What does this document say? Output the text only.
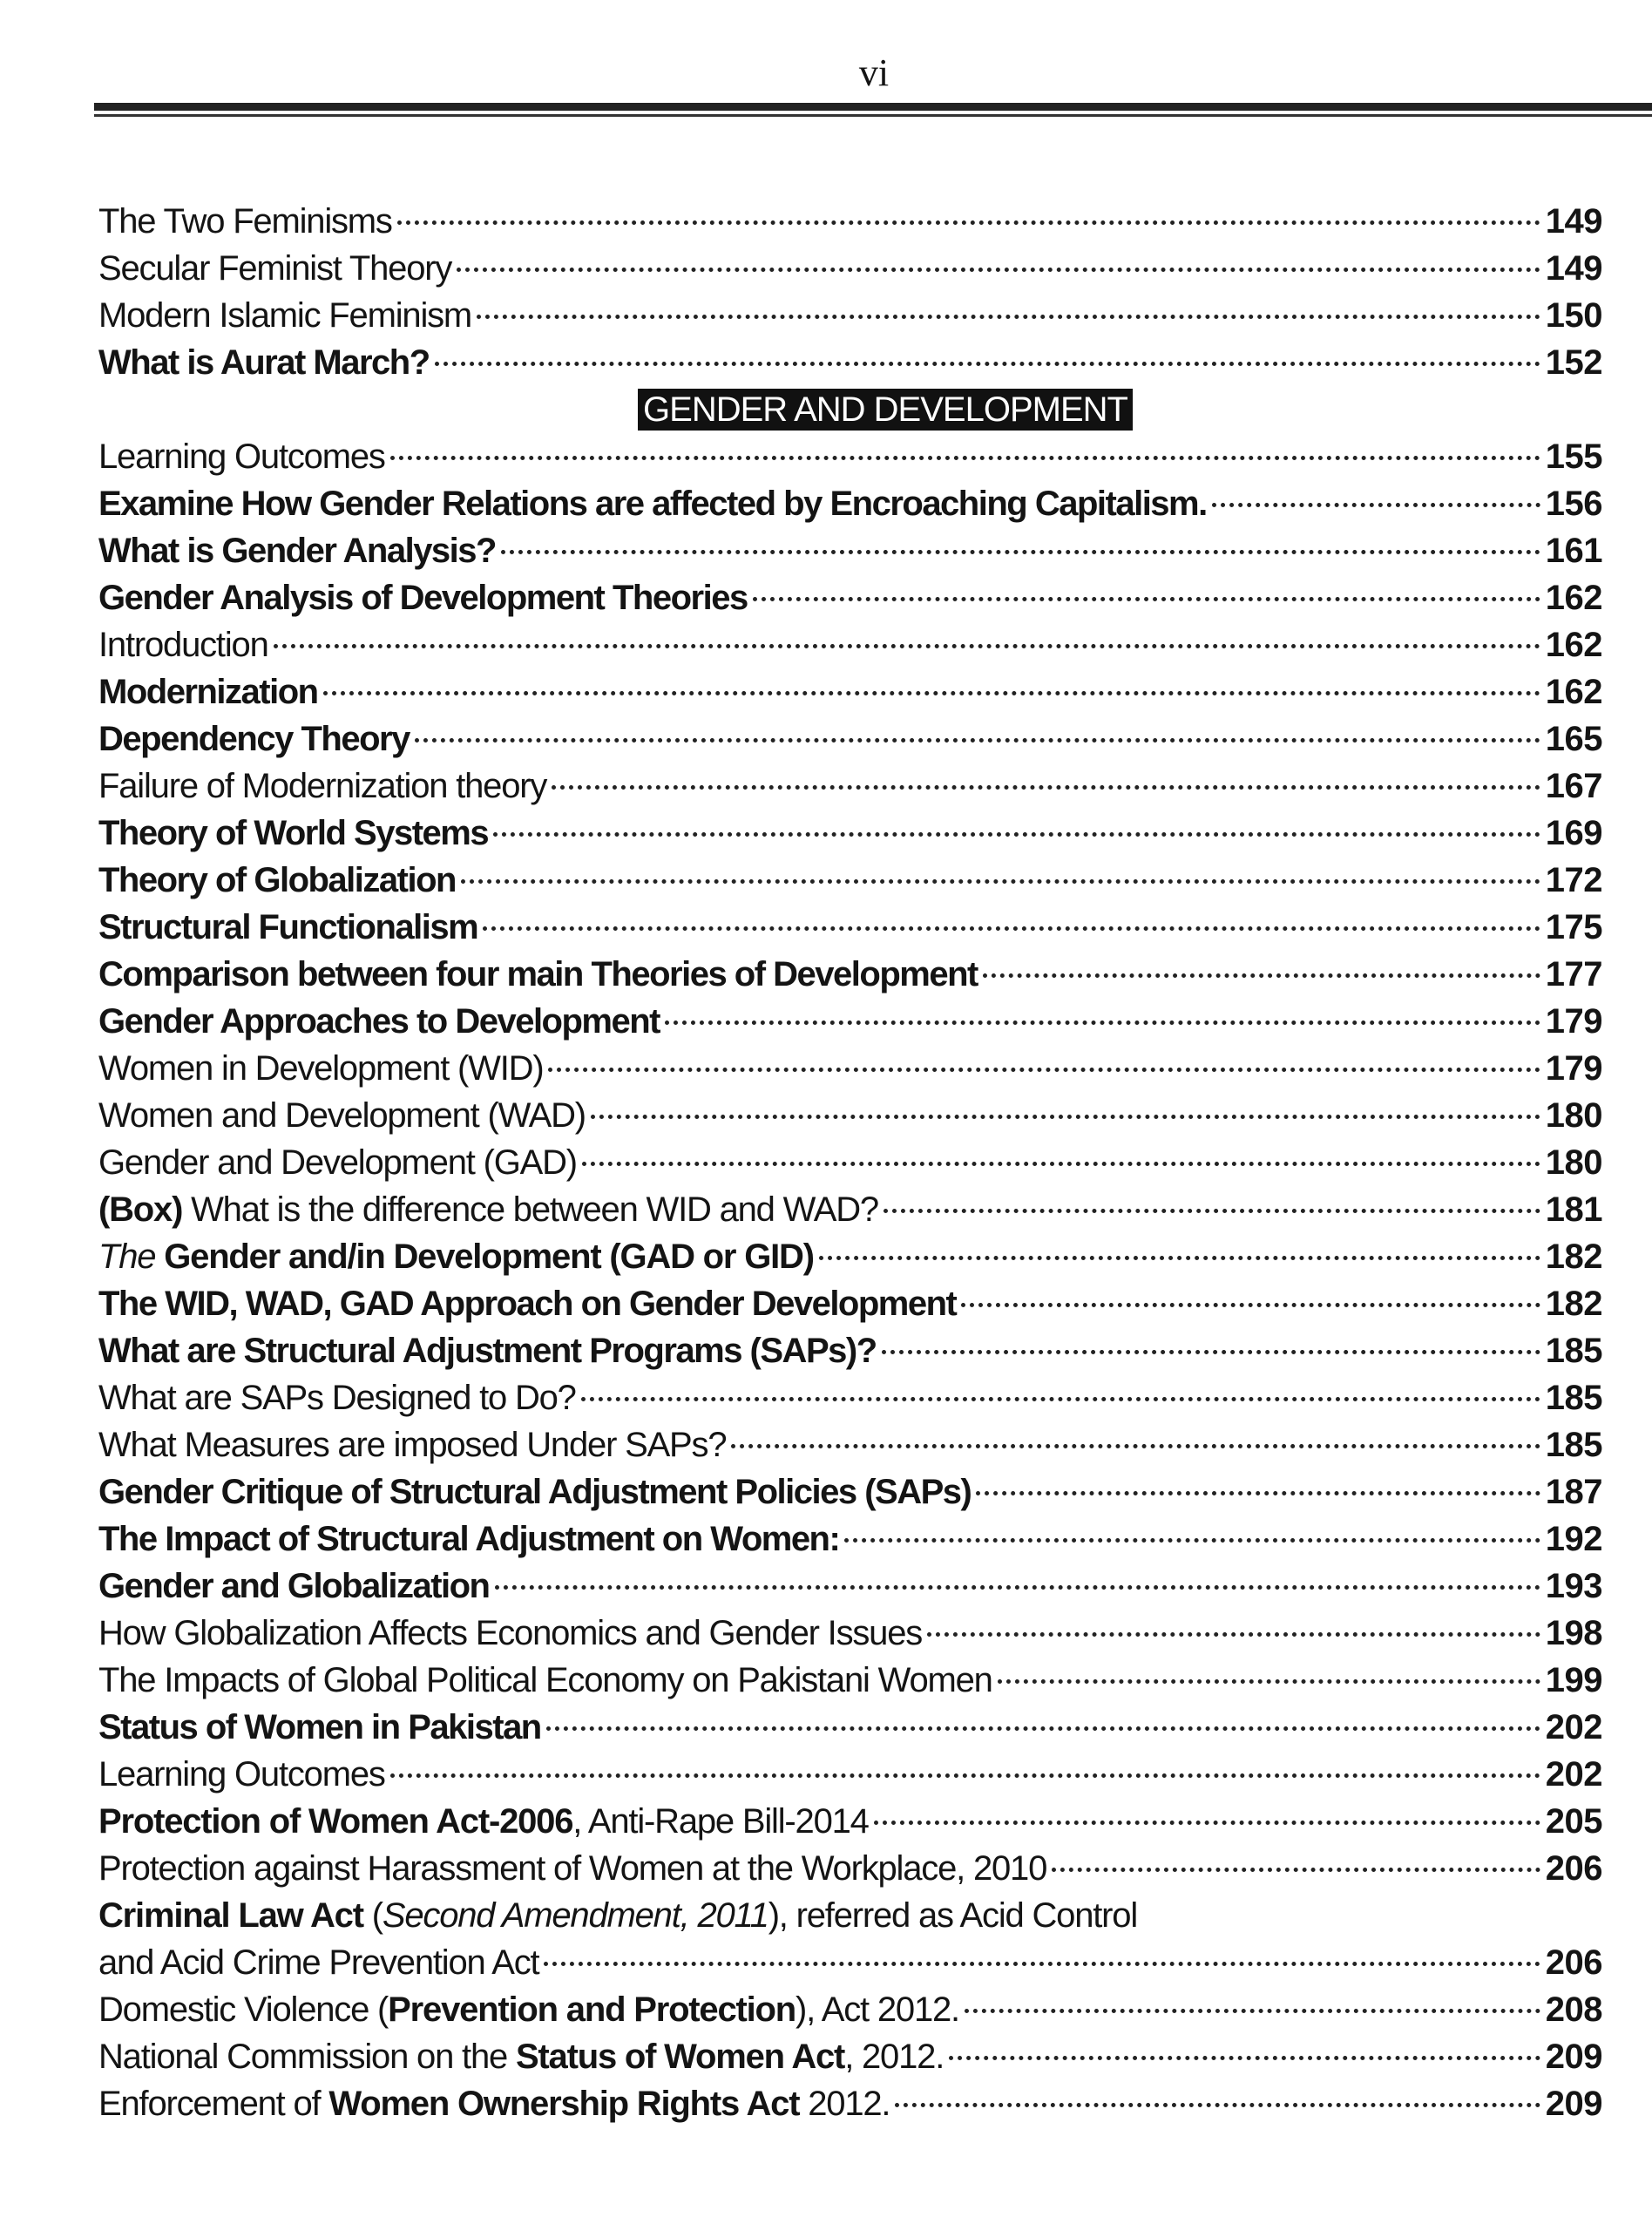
vi
The Two Feminisms	149
Secular Feminist Theory	149
Modern Islamic Feminism	150
What is Aurat March?	152
GENDER AND DEVELOPMENT
Learning Outcomes	155
Examine How Gender Relations are affected by Encroaching Capitalism.	156
What is Gender Analysis?	161
Gender Analysis of Development Theories	162
Introduction	162
Modernization	162
Dependency Theory	165
Failure of Modernization theory	167
Theory of World Systems	169
Theory of Globalization	172
Structural Functionalism	175
Comparison between four main Theories of Development	177
Gender Approaches to Development	179
Women in Development (WID)	179
Women and Development (WAD)	180
Gender and Development (GAD)	180
(Box) What is the difference between WID and WAD?	181
The Gender and/in Development (GAD or GID)	182
The WID, WAD, GAD Approach on Gender Development	182
What are Structural Adjustment Programs (SAPs)?	185
What are SAPs Designed to Do?	185
What Measures are imposed Under SAPs?	185
Gender Critique of Structural Adjustment Policies (SAPs)	187
The Impact of Structural Adjustment on Women:	192
Gender and Globalization	193
How Globalization Affects Economics and Gender Issues	198
The Impacts of Global Political Economy on Pakistani Women	199
Status of Women in Pakistan	202
Learning Outcomes	202
Protection of Women Act-2006, Anti-Rape Bill-2014	205
Protection against Harassment of Women at the Workplace, 2010	206
Criminal Law Act (Second Amendment, 2011), referred as Acid Control
and Acid Crime Prevention Act	206
Domestic Violence (Prevention and Protection), Act 2012.	208
National Commission on the Status of Women Act, 2012.	209
Enforcement of Women Ownership Rights Act 2012.	209
